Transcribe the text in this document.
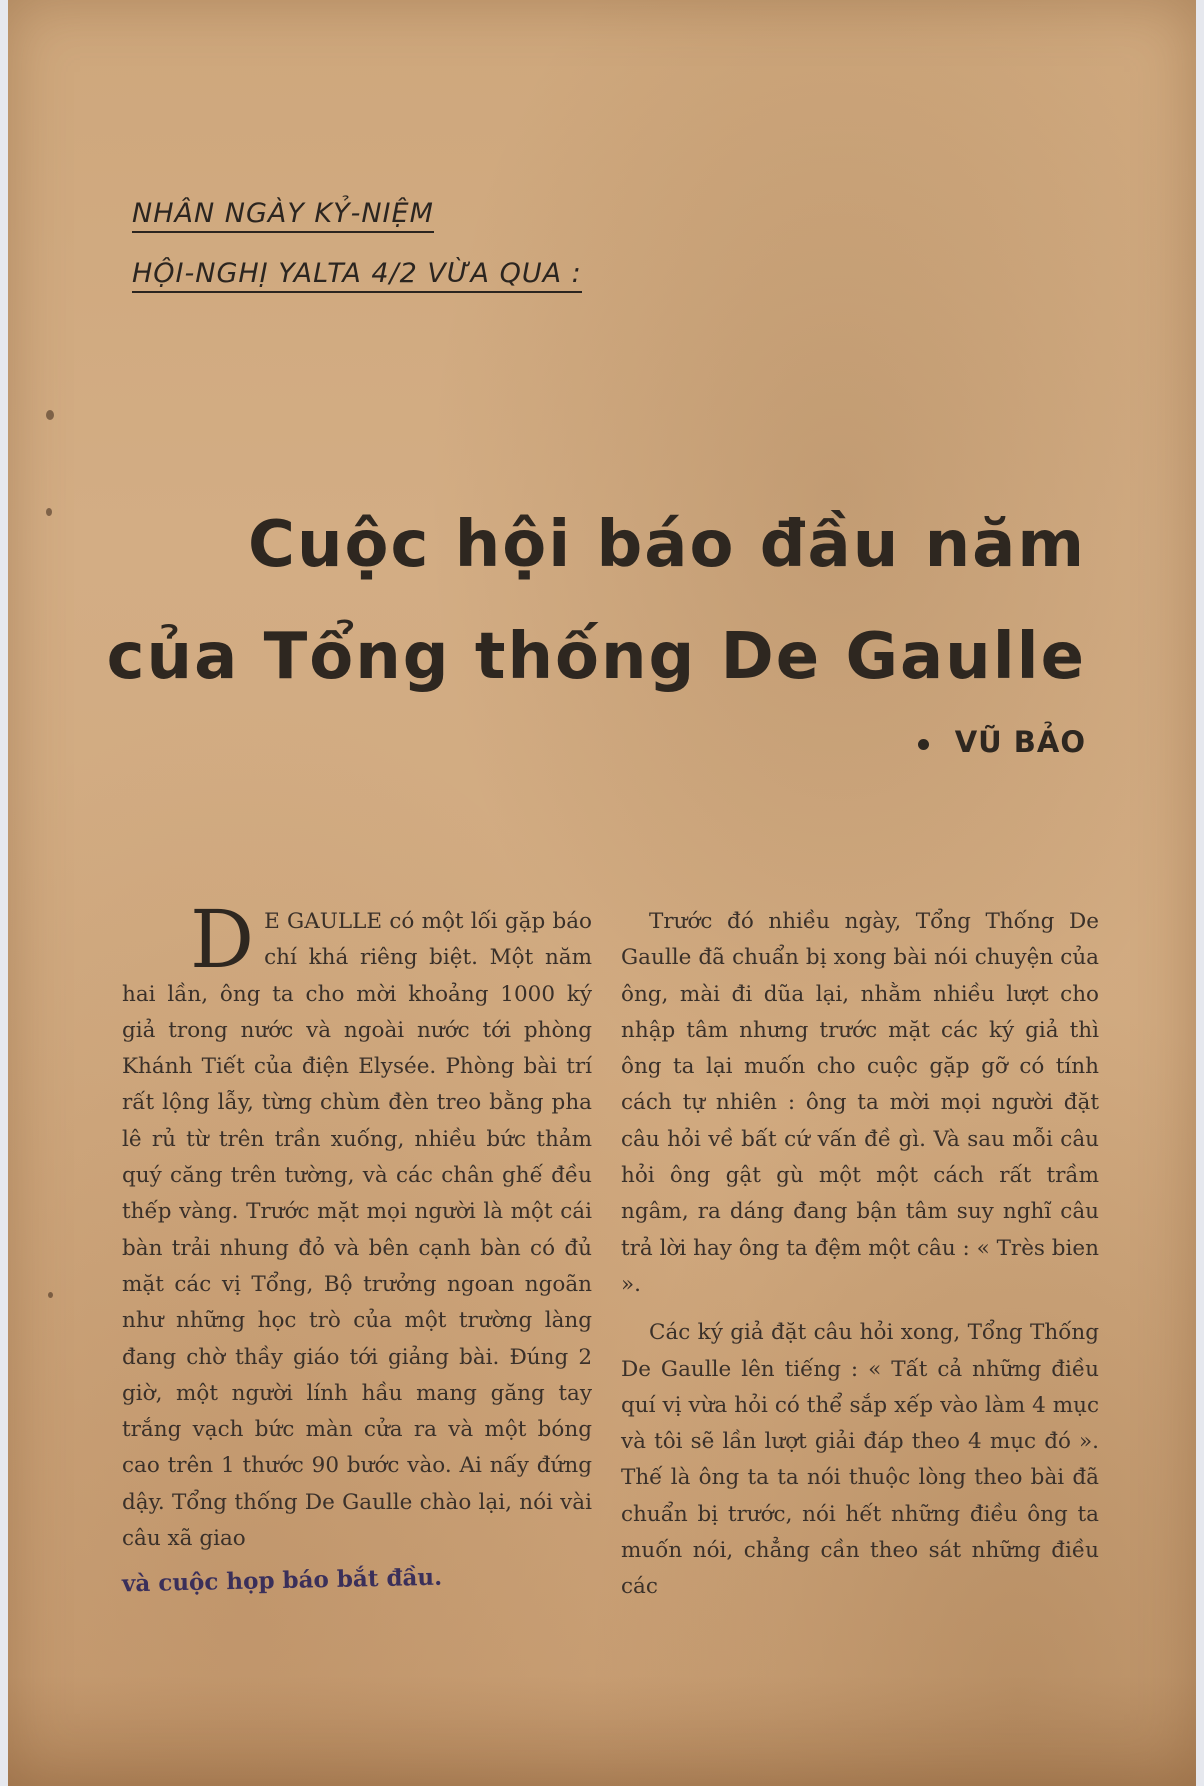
NHÂN NGÀY KỶ-NIỆM
HỘI-NGHỊ YALTA 4/2 VỪA QUA :
Cuộc hội báo đầu năm
của Tổng thống De Gaulle
VŨ BẢO
D E GAULLE có một lối gặp báo chí khá riêng biệt. Một năm hai lần, ông ta cho mời khoảng 1000 ký giả trong nước và ngoài nước tới phòng Khánh Tiết của điện Elysée. Phòng bài trí rất lộng lẫy, từng chùm đèn treo bằng pha lê rủ từ trên trần xuống, nhiều bức thảm quý căng trên tường, và các chân ghế đều thếp vàng. Trước mặt mọi người là một cái bàn trải nhung đỏ và bên cạnh bàn có đủ mặt các vị Tổng, Bộ trưởng ngoan ngoãn như những học trò của một trường làng đang chờ thầy giáo tới giảng bài. Đúng 2 giờ, một người lính hầu mang găng tay trắng vạch bức màn cửa ra và một bóng cao trên 1 thước 90 bước vào. Ai nấy đứng dậy. Tổng thống De Gaulle chào lại, nói vài câu xã giao

và cuộc họp báo bắt đầu.

Trước đó nhiều ngày, Tổng Thống De Gaulle đã chuẩn bị xong bài nói chuyện của ông, mài đi dũa lại, nhằm nhiều lượt cho nhập tâm nhưng trước mặt các ký giả thì ông ta lại muốn cho cuộc gặp gỡ có tính cách tự nhiên : ông ta mời mọi người đặt câu hỏi về bất cứ vấn đề gì. Và sau mỗi câu hỏi ông gật gù một một cách rất trầm ngâm, ra dáng đang bận tâm suy nghĩ câu trả lời hay ông ta đệm một câu : « Très bien ».

Các ký giả đặt câu hỏi xong, Tổng Thống De Gaulle lên tiếng : « Tất cả những điều quí vị vừa hỏi có thể sắp xếp vào làm 4 mục và tôi sẽ lần lượt giải đáp theo 4 mục đó ». Thế là ông ta ta nói thuộc lòng theo bài đã chuẩn bị trước, nói hết những điều ông ta muốn nói, chẳng cần theo sát những điều các
